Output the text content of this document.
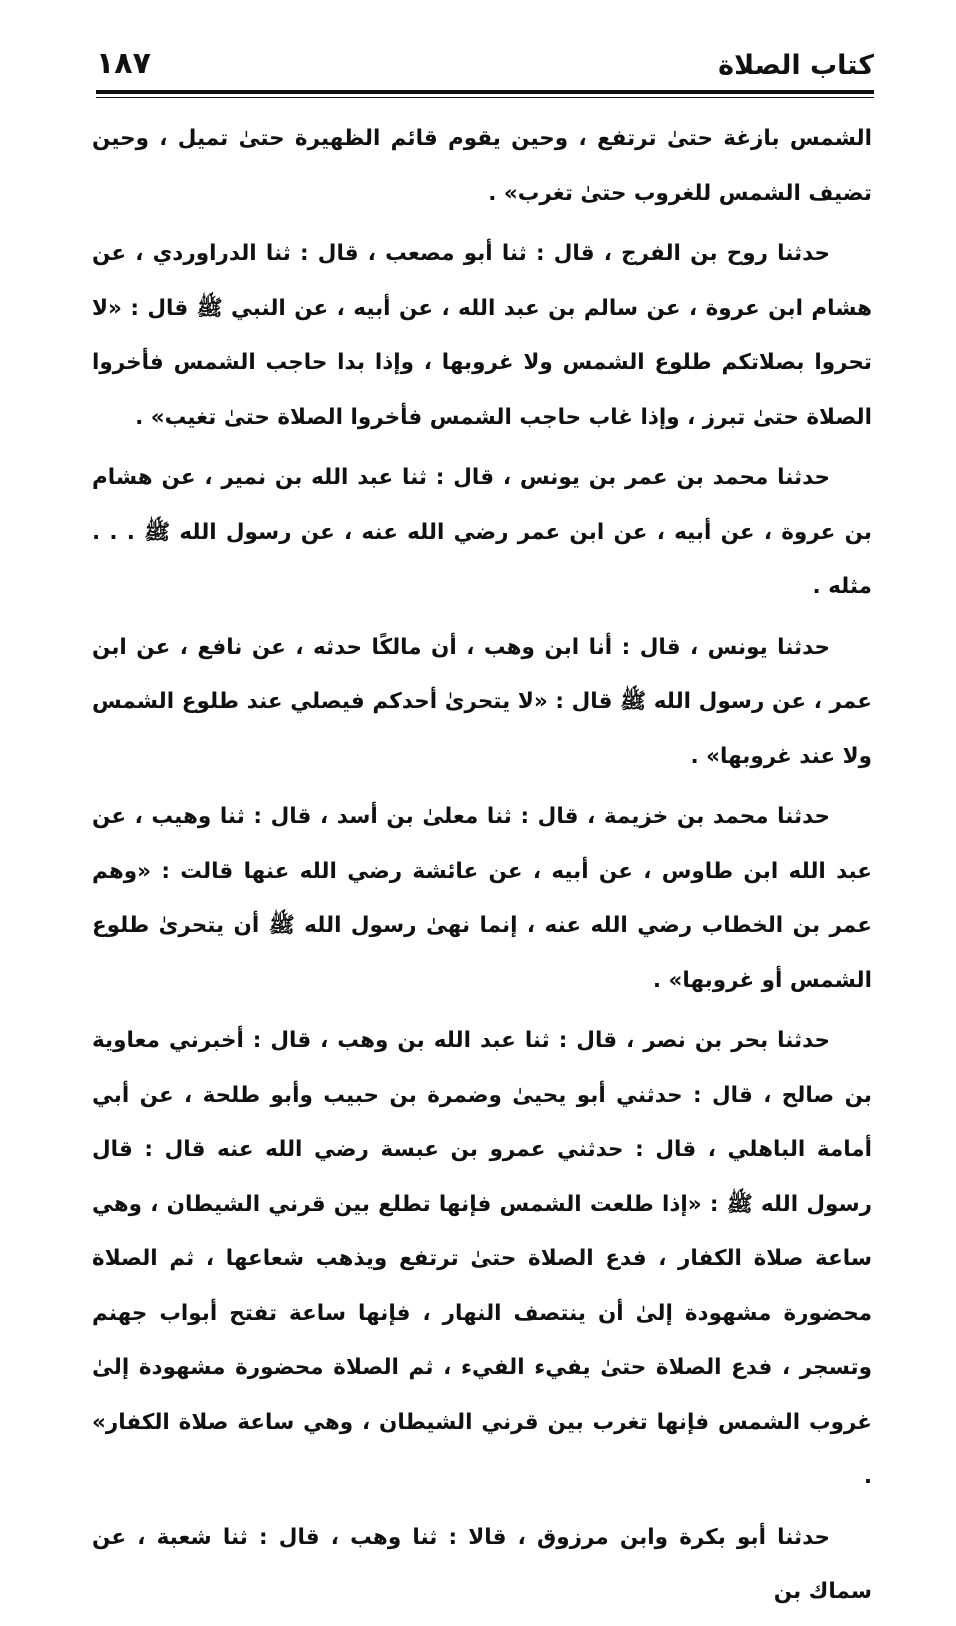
كتاب الصلاة
١٨٧

الشمس بازغة حتىٰ ترتفع ، وحين يقوم قائم الظهيرة حتىٰ تميل ، وحين تضيف الشمس للغروب حتىٰ تغرب» .

حدثنا روح بن الفرج ، قال : ثنا أبو مصعب ، قال : ثنا الدراوردي ، عن هشام ابن عروة ، عن سالم بن عبد الله ، عن أبيه ، عن النبي ﷺ قال : «لا تحروا بصلاتكم طلوع الشمس ولا غروبها ، وإذا بدا حاجب الشمس فأخروا الصلاة حتىٰ تبرز ، وإذا غاب حاجب الشمس فأخروا الصلاة حتىٰ تغيب» .

حدثنا محمد بن عمر بن يونس ، قال : ثنا عبد الله بن نمير ، عن هشام بن عروة ، عن أبيه ، عن ابن عمر رضي الله عنه ، عن رسول الله ﷺ . . . مثله .

حدثنا يونس ، قال : أنا ابن وهب ، أن مالكًا حدثه ، عن نافع ، عن ابن عمر ، عن رسول الله ﷺ قال : «لا يتحرىٰ أحدكم فيصلي عند طلوع الشمس ولا عند غروبها» .

حدثنا محمد بن خزيمة ، قال : ثنا معلىٰ بن أسد ، قال : ثنا وهيب ، عن عبد الله ابن طاوس ، عن أبيه ، عن عائشة رضي الله عنها قالت : «وهم عمر بن الخطاب رضي الله عنه ، إنما نهىٰ رسول الله ﷺ أن يتحرىٰ طلوع الشمس أو غروبها» .

حدثنا بحر بن نصر ، قال : ثنا عبد الله بن وهب ، قال : أخبرني معاوية بن صالح ، قال : حدثني أبو يحيىٰ وضمرة بن حبيب وأبو طلحة ، عن أبي أمامة الباهلي ، قال : حدثني عمرو بن عبسة رضي الله عنه قال : قال رسول الله ﷺ : «إذا طلعت الشمس فإنها تطلع بين قرني الشيطان ، وهي ساعة صلاة الكفار ، فدع الصلاة حتىٰ ترتفع ويذهب شعاعها ، ثم الصلاة محضورة مشهودة إلىٰ أن ينتصف النهار ، فإنها ساعة تفتح أبواب جهنم وتسجر ، فدع الصلاة حتىٰ يفيء الفيء ، ثم الصلاة محضورة مشهودة إلىٰ غروب الشمس فإنها تغرب بين قرني الشيطان ، وهي ساعة صلاة الكفار» .

حدثنا أبو بكرة وابن مرزوق ، قالا : ثنا وهب ، قال : ثنا شعبة ، عن سماك بن
